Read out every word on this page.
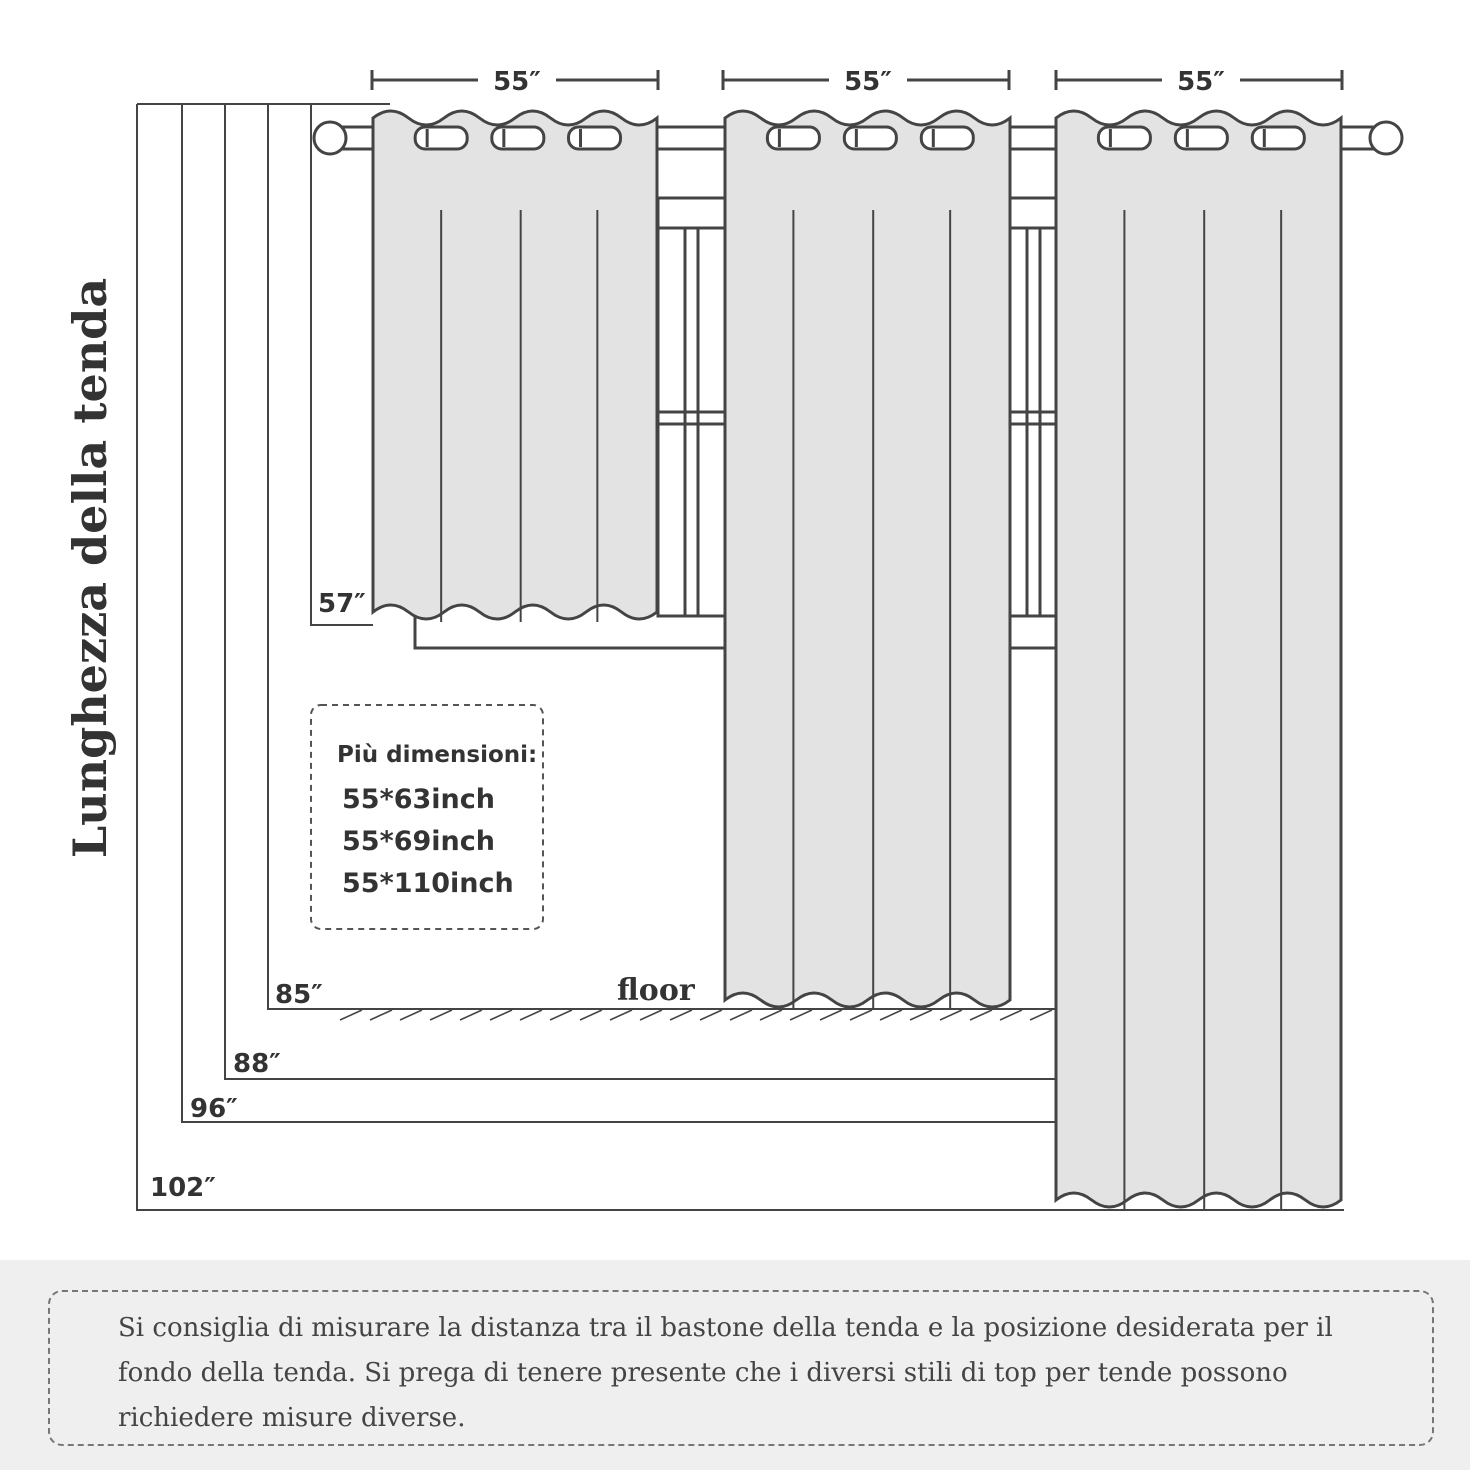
55″	55″	55″
57″
85″
88″
96″
102″
floor
Lunghezza della tenda	Più dimensioni:
55*63inch
55*69inch
55*110inch

Si consiglia di misurare la distanza tra il bastone della tenda e la posizione desiderata per il fondo della tenda. Si prega di tenere presente che i diversi stili di top per tende possono richiedere misure diverse.
